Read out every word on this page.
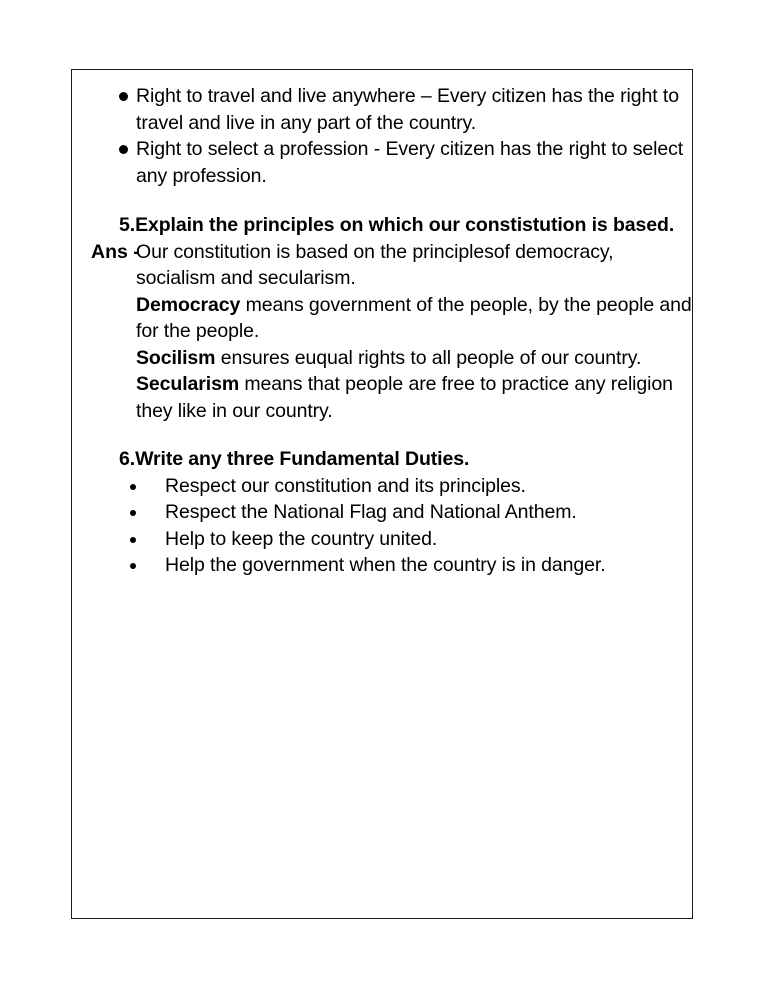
Right to travel and live anywhere – Every citizen has the right to travel and live in any part of the country.
Right to select a profession - Every citizen has the right to select any profession.
5.Explain the principles on which our constistution is based.
Ans -
Our constitution is based on the principlesof democracy, socialism and secularism.
Democracy means government of the people, by the people and for the people.
Socilism ensures euqual rights to all people of our country.
Secularism means that people are free to practice any religion they like in our country.
6.Write any three Fundamental Duties.
Respect our constitution and its principles.
Respect the National Flag and National Anthem.
Help to keep the country united.
Help the government when the country is in danger.
